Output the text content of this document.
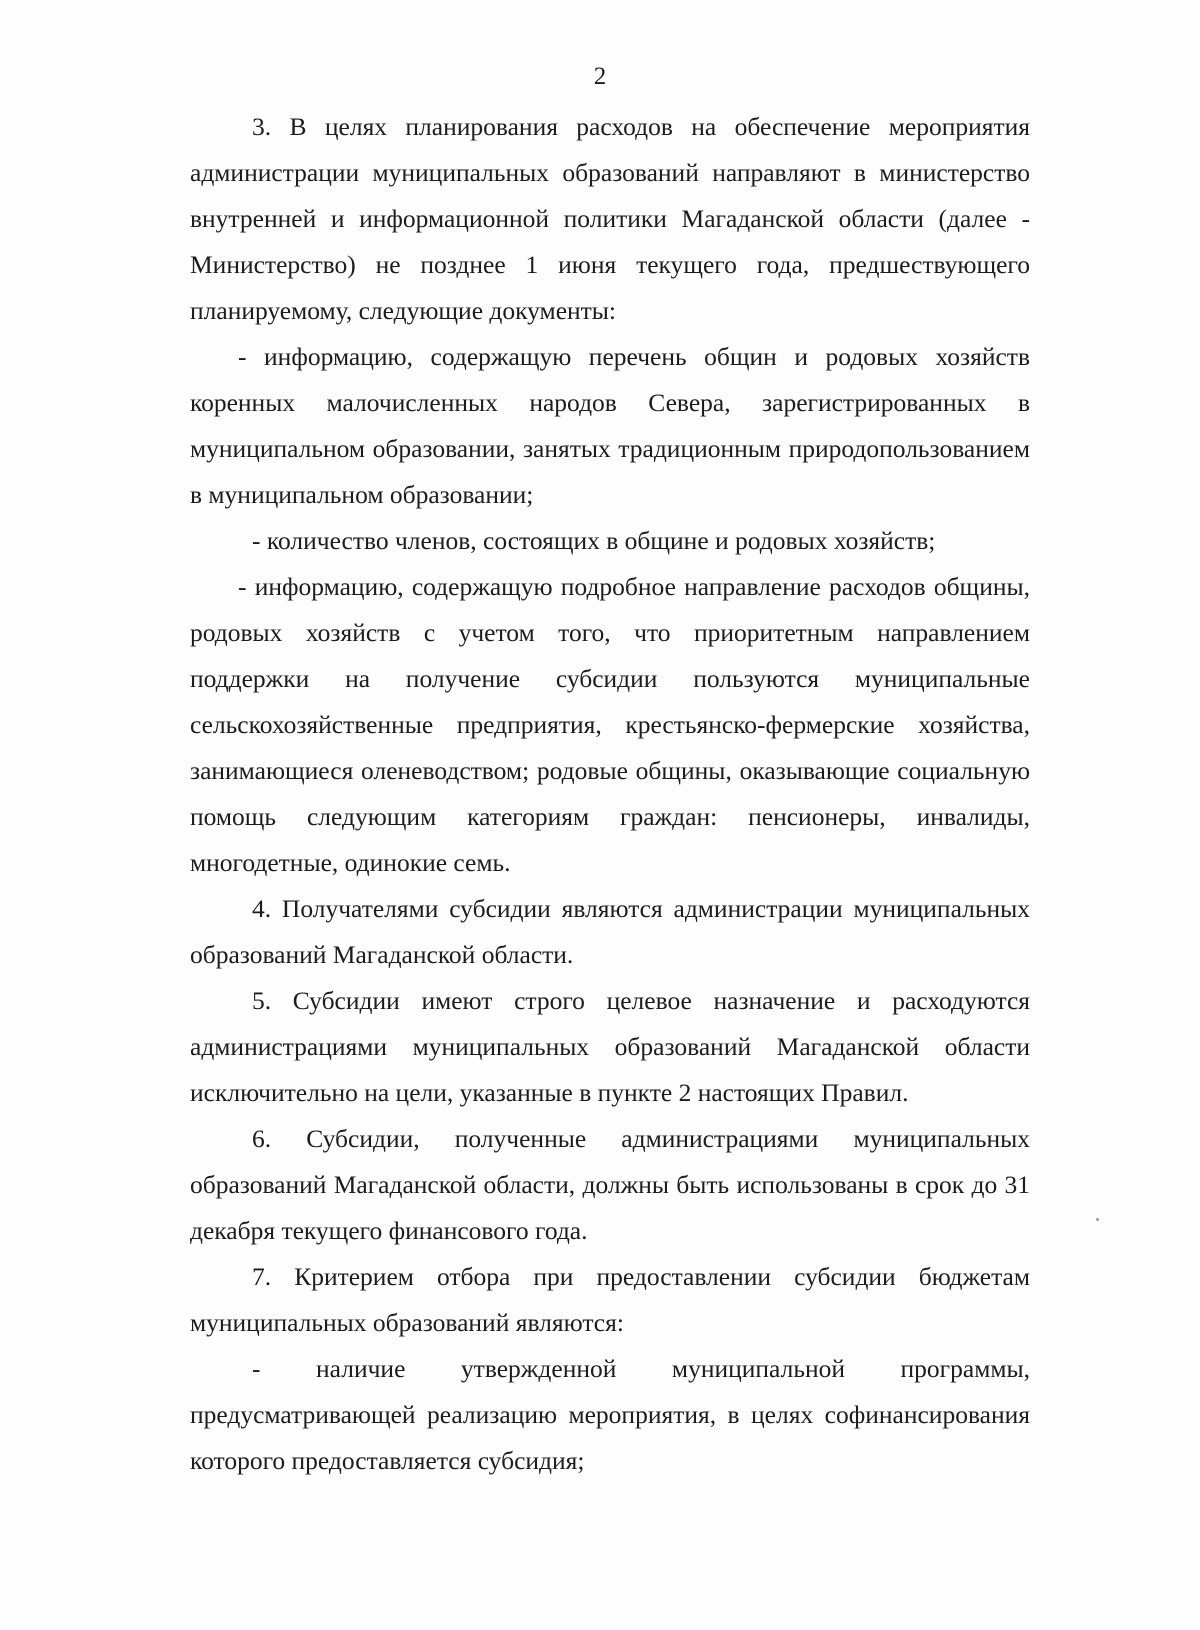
2

3. В целях планирования расходов на обеспечение мероприятия администрации муниципальных образований направляют в министерство внутренней и информационной политики Магаданской области (далее - Министерство) не позднее 1 июня текущего года, предшествующего планируемому, следующие документы:

- информацию, содержащую перечень общин и родовых хозяйств коренных малочисленных народов Севера, зарегистрированных в муниципальном образовании, занятых традиционным природопользованием в муниципальном образовании;

- количество членов, состоящих в общине и родовых хозяйств;

- информацию, содержащую подробное направление расходов общины, родовых хозяйств с учетом того, что приоритетным направлением поддержки на получение субсидии пользуются муниципальные сельскохозяйственные предприятия, крестьянско-фермерские хозяйства, занимающиеся оленеводством; родовые общины, оказывающие социальную помощь следующим категориям граждан: пенсионеры, инвалиды, многодетные, одинокие семь.

4. Получателями субсидии являются администрации муниципальных образований Магаданской области.

5. Субсидии имеют строго целевое назначение и расходуются администрациями муниципальных образований Магаданской области исключительно на цели, указанные в пункте 2 настоящих Правил.

6. Субсидии, полученные администрациями муниципальных образований Магаданской области, должны быть использованы в срок до 31 декабря текущего финансового года.

7. Критерием отбора при предоставлении субсидии бюджетам муниципальных образований являются:

- наличие утвержденной муниципальной программы, предусматривающей реализацию мероприятия, в целях софинансирования которого предоставляется субсидия;
